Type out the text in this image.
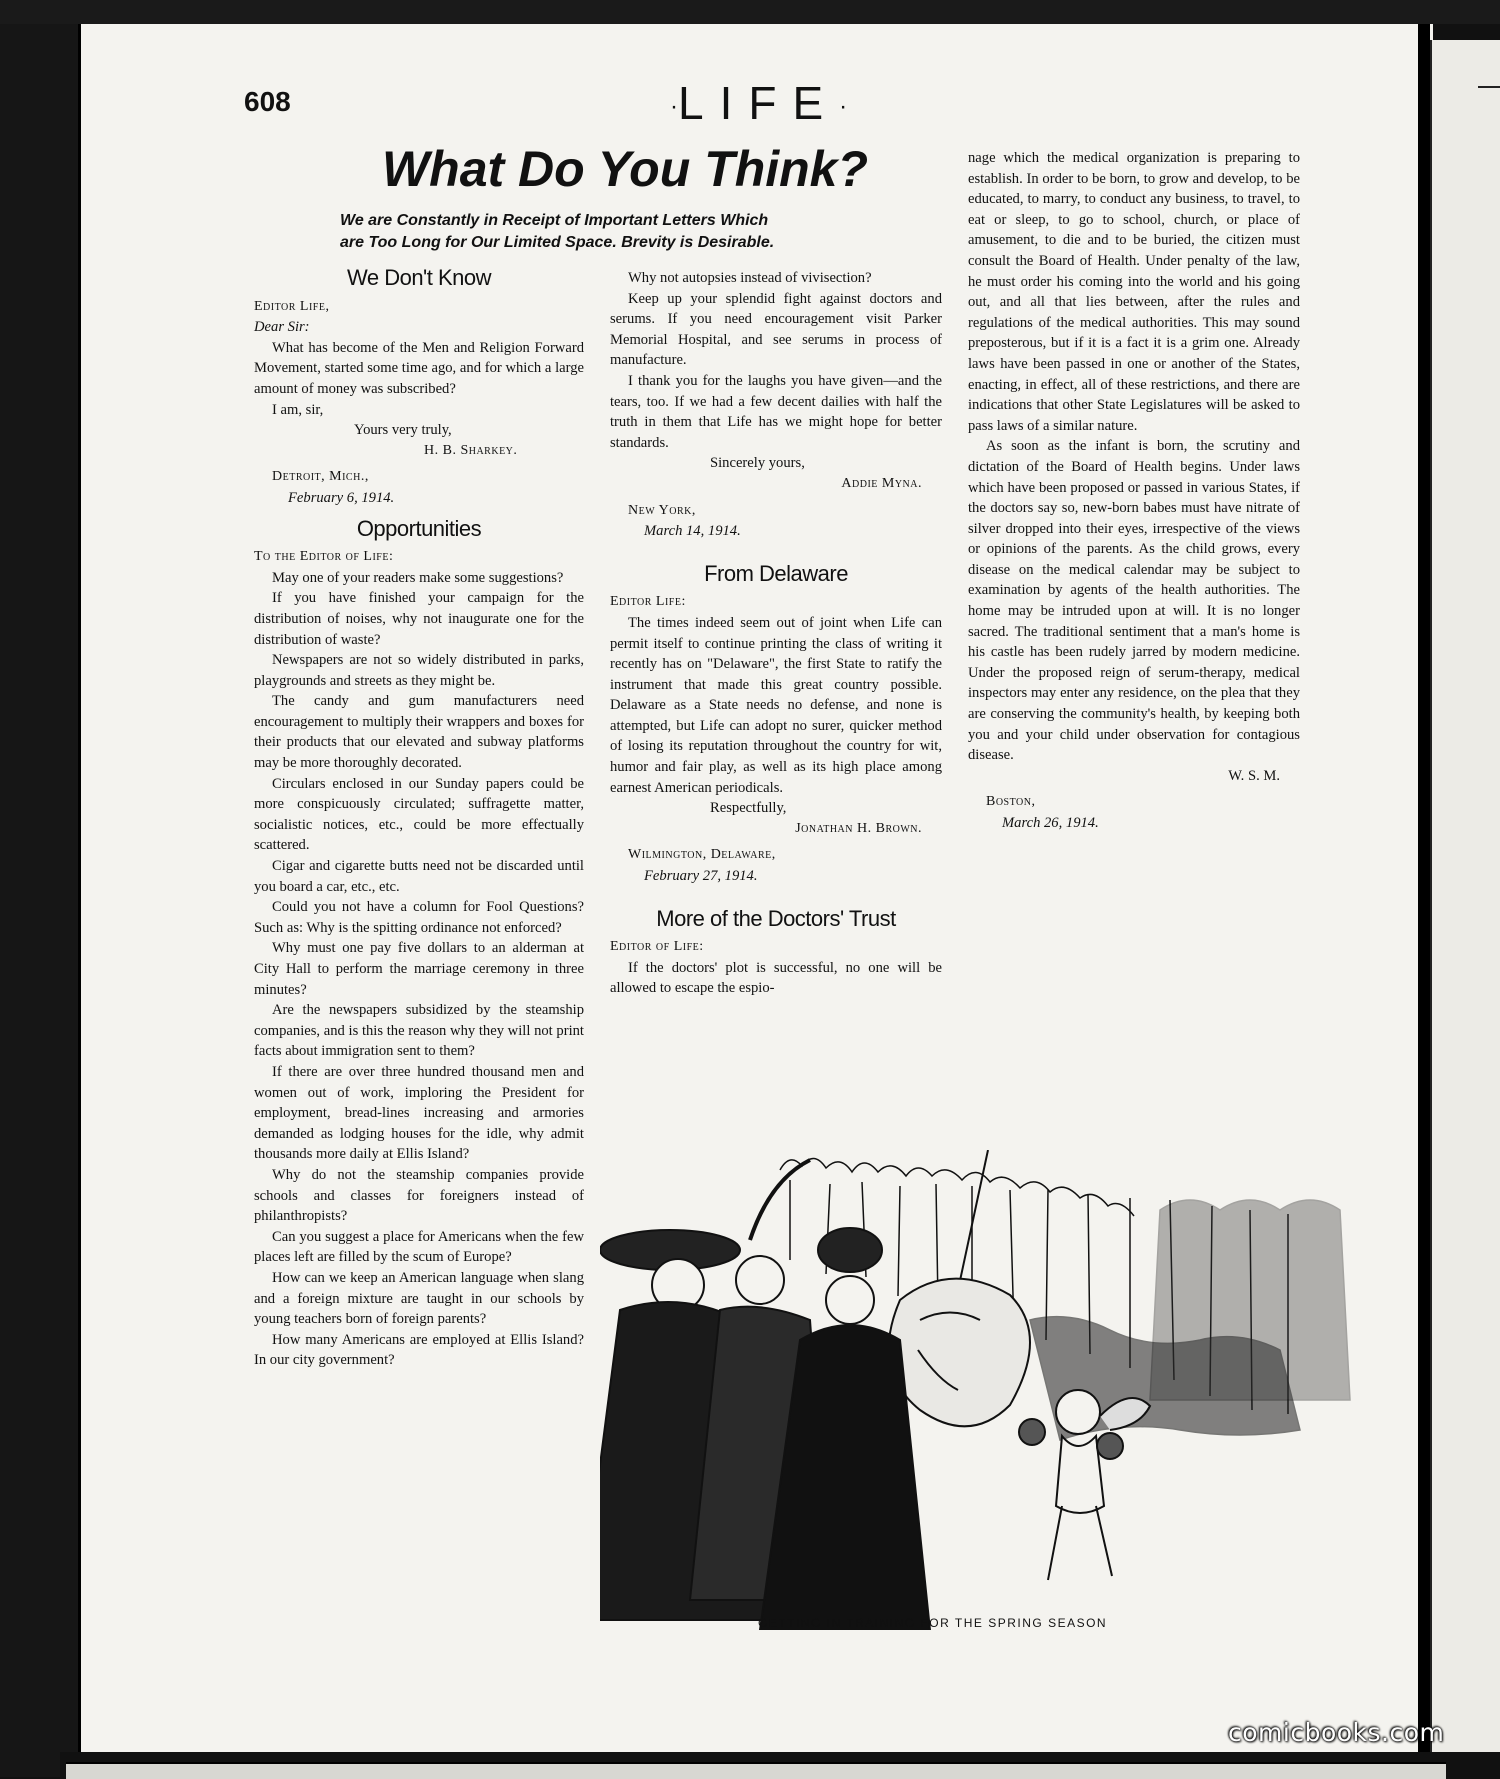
608	·LIFE·
What Do You Think?
We are Constantly in Receipt of Important Letters Which
are Too Long for Our Limited Space. Brevity is Desirable.
We Don't Know
Editor Life,
Dear Sir:

What has become of the Men and Religion Forward Movement, started some time ago, and for which a large amount of money was subscribed?

I am, sir,

Yours very truly,
H. B. Sharkey.
Detroit, Mich.,
February 6, 1914.
Opportunities
To the Editor of Life:

May one of your readers make some suggestions?

If you have finished your campaign for the distribution of noises, why not inaugurate one for the distribution of waste?

Newspapers are not so widely distributed in parks, playgrounds and streets as they might be.

The candy and gum manufacturers need encouragement to multiply their wrappers and boxes for their products that our elevated and subway platforms may be more thoroughly decorated.

Circulars enclosed in our Sunday papers could be more conspicuously circulated; suffragette matter, socialistic notices, etc., could be more effectually scattered.

Cigar and cigarette butts need not be discarded until you board a car, etc., etc.

Could you not have a column for Fool Questions? Such as: Why is the spitting ordinance not enforced?

Why must one pay five dollars to an alderman at City Hall to perform the marriage ceremony in three minutes?

Are the newspapers subsidized by the steamship companies, and is this the reason why they will not print facts about immigration sent to them?

If there are over three hundred thousand men and women out of work, imploring the President for employment, bread-lines increasing and armories demanded as lodging houses for the idle, why admit thousands more daily at Ellis Island?

Why do not the steamship companies provide schools and classes for foreigners instead of philanthropists?

Can you suggest a place for Americans when the few places left are filled by the scum of Europe?

How can we keep an American language when slang and a foreign mixture are taught in our schools by young teachers born of foreign parents?

How many Americans are employed at Ellis Island? In our city government?

Why not autopsies instead of vivisection?

Keep up your splendid fight against doctors and serums. If you need encouragement visit Parker Memorial Hospital, and see serums in process of manufacture.

I thank you for the laughs you have given—and the tears, too. If we had a few decent dailies with half the truth in them that Life has we might hope for better standards.

Sincerely yours,
Addie Myna.
New York,
March 14, 1914.
From Delaware
Editor Life:

The times indeed seem out of joint when Life can permit itself to continue printing the class of writing it recently has on "Delaware", the first State to ratify the instrument that made this great country possible. Delaware as a State needs no defense, and none is attempted, but Life can adopt no surer, quicker method of losing its reputation throughout the country for wit, humor and fair play, as well as its high place among earnest American periodicals.

Respectfully,
Jonathan H. Brown.
Wilmington, Delaware,
February 27, 1914.
More of the Doctors' Trust
Editor of Life:

If the doctors' plot is successful, no one will be allowed to escape the espio-

nage which the medical organization is preparing to establish. In order to be born, to grow and develop, to be educated, to marry, to conduct any business, to travel, to eat or sleep, to go to school, church, or place of amusement, to die and to be buried, the citizen must consult the Board of Health. Under penalty of the law, he must order his coming into the world and his going out, and all that lies between, after the rules and regulations of the medical authorities. This may sound preposterous, but if it is a fact it is a grim one. Already laws have been passed in one or another of the States, enacting, in effect, all of these restrictions, and there are indications that other State Legislatures will be asked to pass laws of a similar nature.

As soon as the infant is born, the scrutiny and dictation of the Board of Health begins. Under laws which have been proposed or passed in various States, if the doctors say so, new-born babes must have nitrate of silver dropped into their eyes, irrespective of the views or opinions of the parents. As the child grows, every disease on the medical calendar may be subject to examination by agents of the health authorities. The home may be intruded upon at will. It is no longer sacred. The traditional sentiment that a man's home is his castle has been rudely jarred by modern medicine. Under the proposed reign of serum-therapy, medical inspectors may enter any residence, on the plea that they are conserving the community's health, by keeping both you and your child under observation for contagious disease.

W. S. M.
Boston,
March 26, 1914.
GETTING IN TRAINING FOR THE SPRING SEASON
comicbooks.com
